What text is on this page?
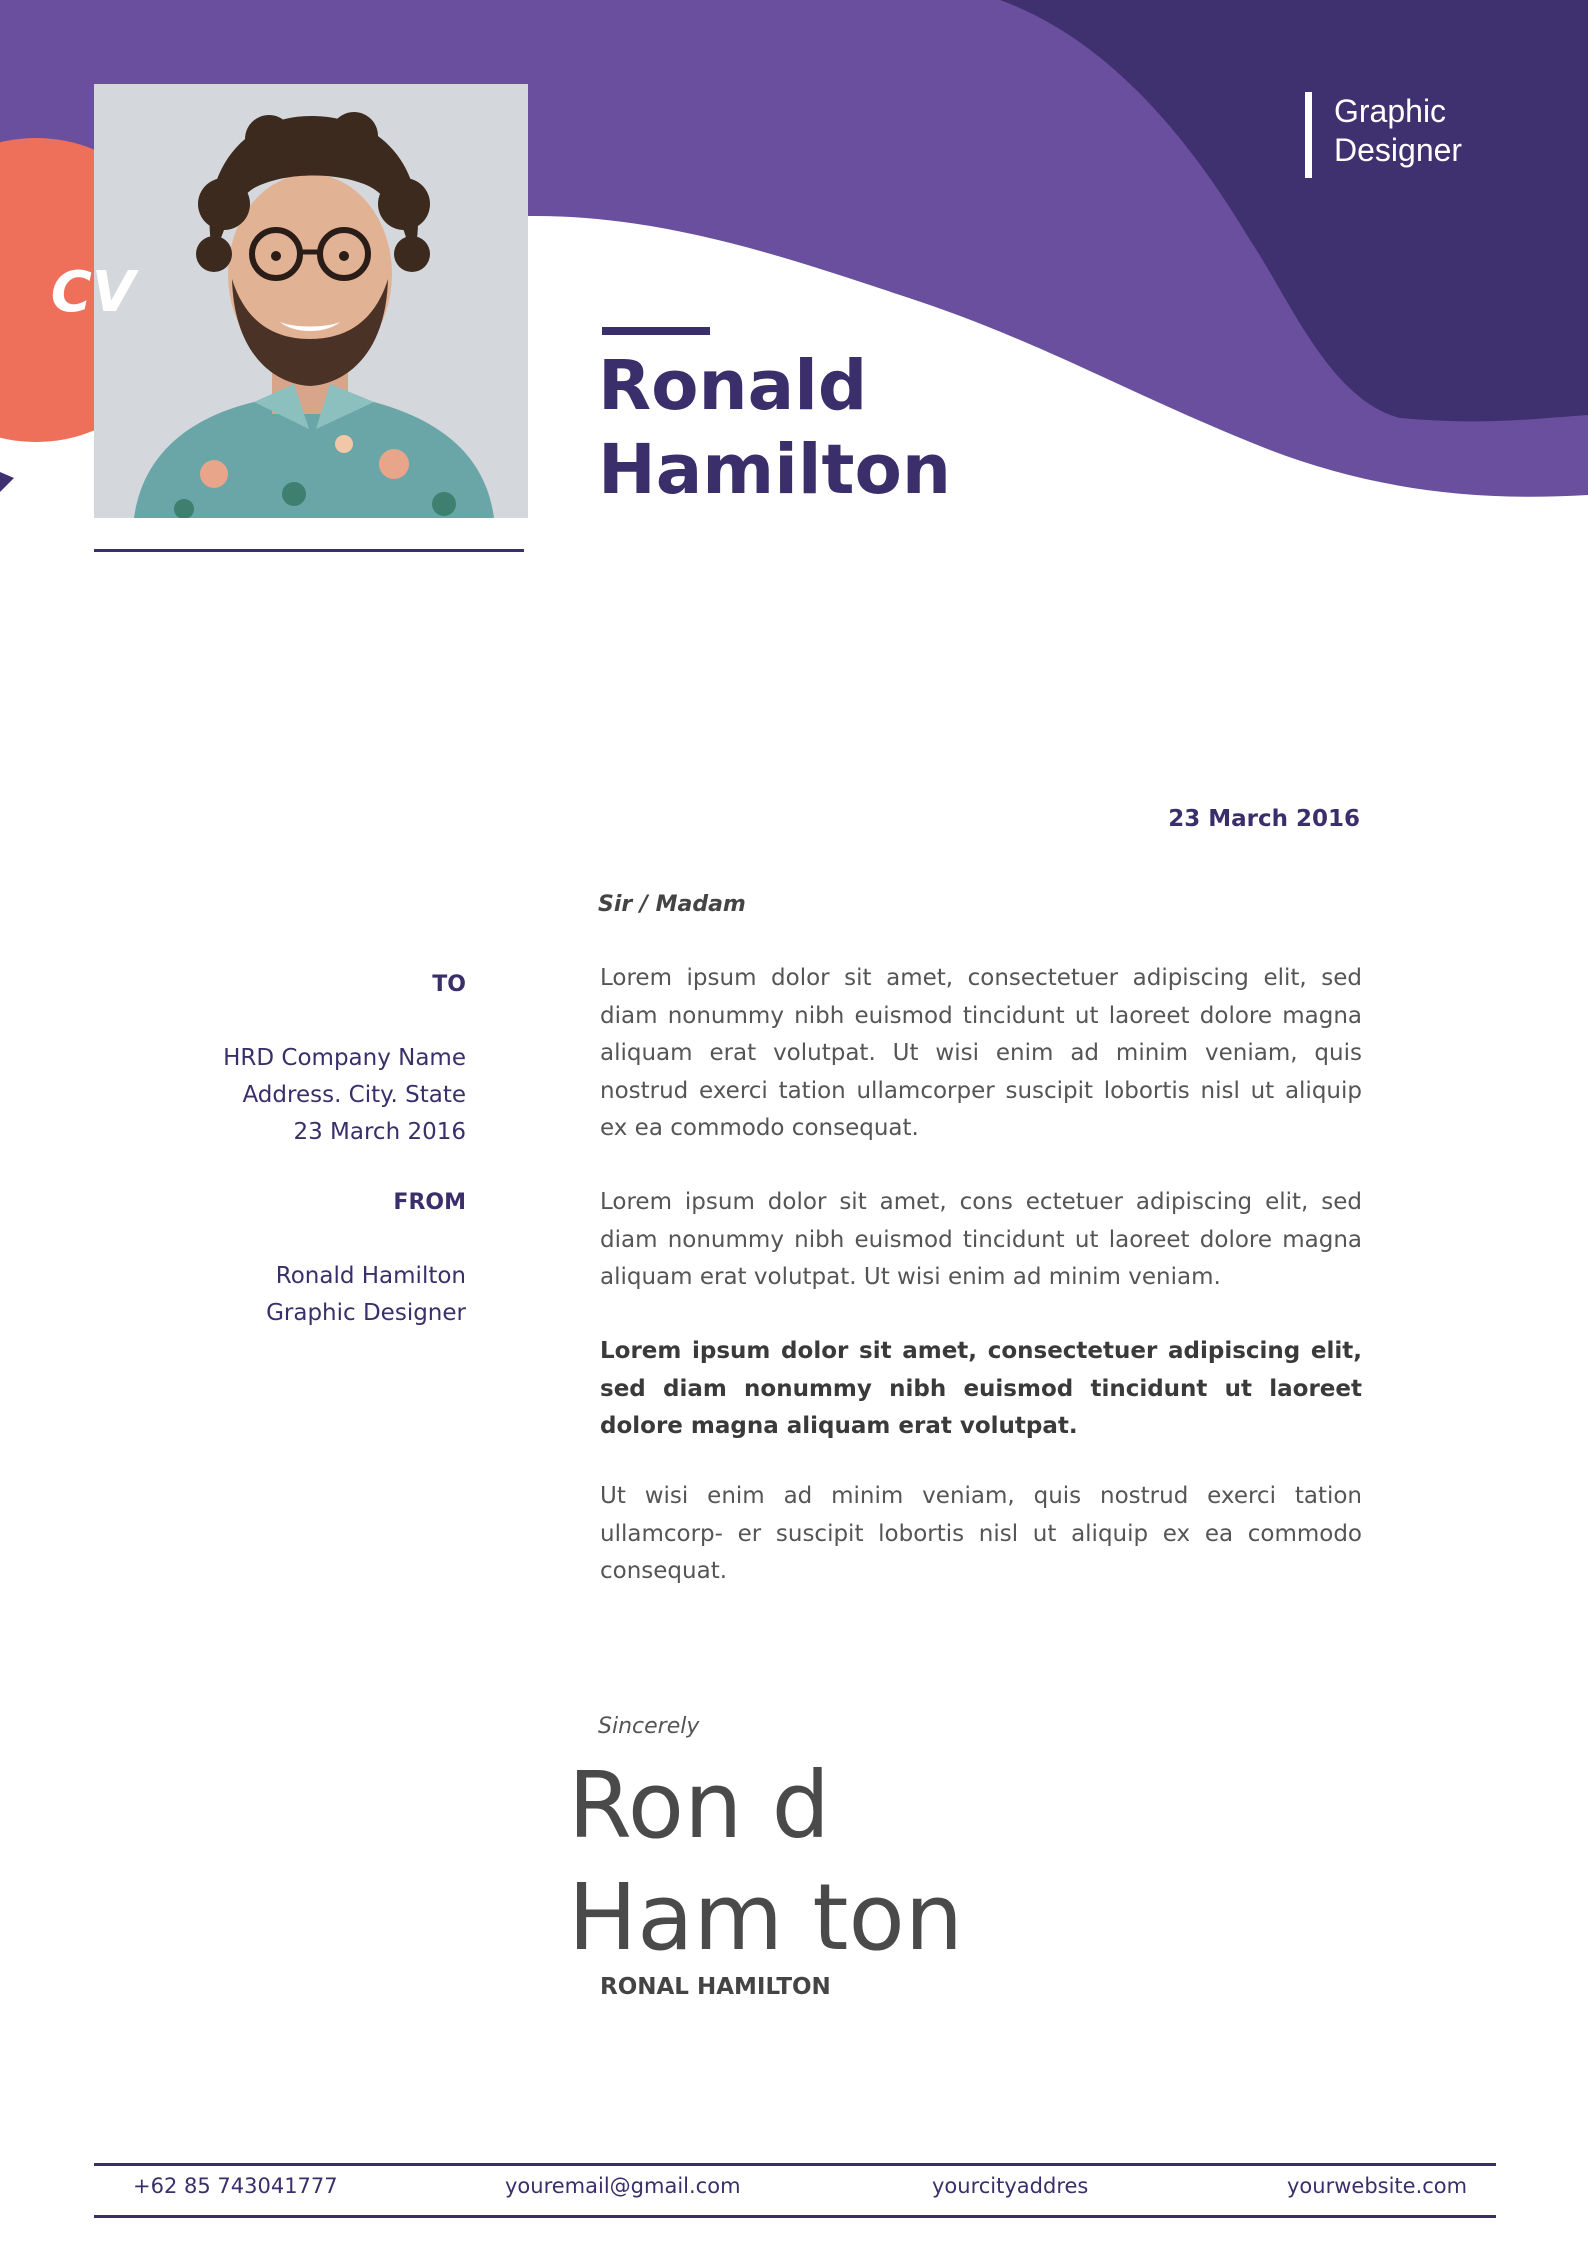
CV
Graphic Designer
Ronald Hamilton
23 March 2016
TO
HRD Company Name
Address. City. State
23 March 2016
FROM
Ronald Hamilton
Graphic Designer
Sir / Madam
Lorem ipsum dolor sit amet, consectetuer adipiscing elit, sed diam nonummy nibh euismod tincidunt ut laoreet dolore magna aliquam erat volutpat. Ut wisi enim ad minim veniam, quis nostrud exerci tation ullamcorper suscipit lobortis nisl ut aliquip ex ea commodo consequat.
Lorem ipsum dolor sit amet, cons ectetuer adipiscing elit, sed diam nonummy nibh euismod tincidunt ut laoreet dolore magna aliquam erat volutpat. Ut wisi enim ad minim veniam.
Lorem ipsum dolor sit amet, consectetuer adipiscing elit, sed diam nonummy nibh euismod tincidunt ut laoreet dolore magna aliquam erat volutpat.
Ut wisi enim ad minim veniam, quis nostrud exerci tation ullamcorp- er suscipit lobortis nisl ut aliquip ex ea commodo consequat.
Sincerely
Ron d
Ham ton
RONAL HAMILTON
+62 85 743041777	youremail@gmail.com	yourcityaddres	yourwebsite.com
